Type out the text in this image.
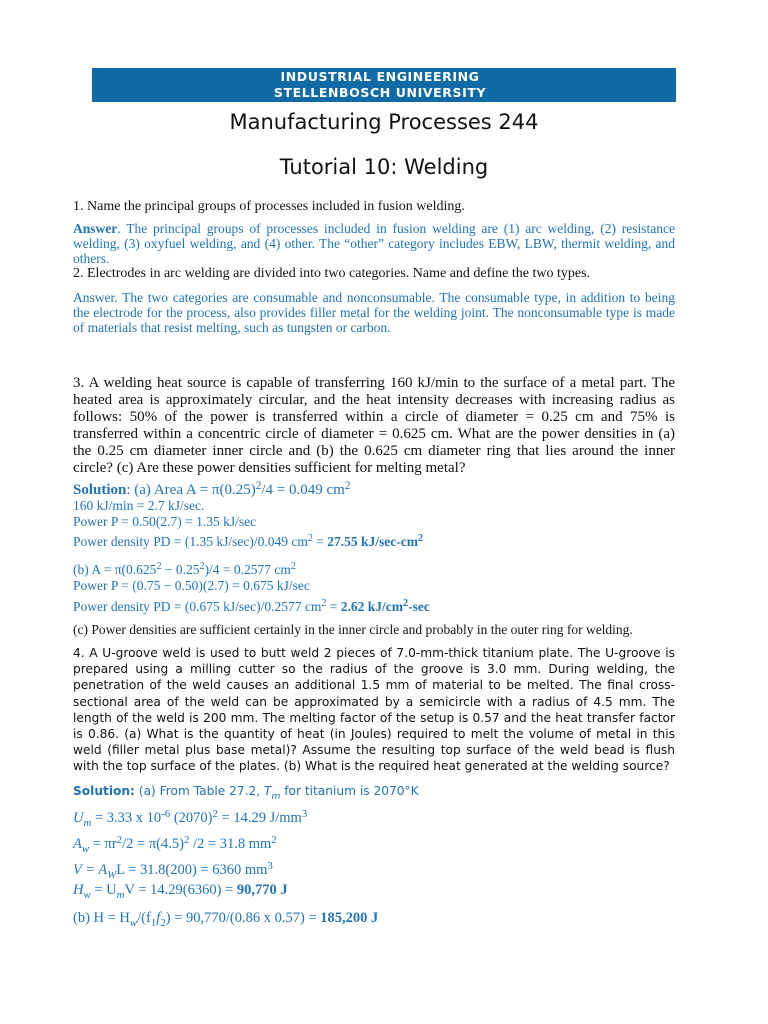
INDUSTRIAL ENGINEERING
STELLENBOSCH UNIVERSITY
Manufacturing Processes 244
Tutorial 10: Welding
1. Name the principal groups of processes included in fusion welding.
Answer. The principal groups of processes included in fusion welding are (1) arc welding, (2) resistance welding, (3) oxyfuel welding, and (4) other. The “other” category includes EBW, LBW, thermit welding, and others.
2. Electrodes in arc welding are divided into two categories. Name and define the two types.
Answer. The two categories are consumable and nonconsumable. The consumable type, in addition to being the electrode for the process, also provides filler metal for the welding joint. The nonconsumable type is made of materials that resist melting, such as tungsten or carbon.
3. A welding heat source is capable of transferring 160 kJ/min to the surface of a metal part. The heated area is approximately circular, and the heat intensity decreases with increasing radius as follows: 50% of the power is transferred within a circle of diameter = 0.25 cm and 75% is transferred within a concentric circle of diameter = 0.625 cm. What are the power densities in (a) the 0.25 cm diameter inner circle and (b) the 0.625 cm diameter ring that lies around the inner circle? (c) Are these power densities sufficient for melting metal?
Solution: (a) Area $A = \pi(0.25)^2/4 = 0.049$ $cm^2$
160 kJ/min = 2.7 kJ/sec.
Power P = 0.50(2.7) = 1.35 kJ/sec
Power density PD = (1.35 kJ/sec)/0.049 $cm^2 = 27.55$ $kJ/\sec-cm^2$
(b) $A = \pi(0.625^2 - 0.25^2)/4 = 0.2577$ $cm^2$
Power P = (0.75 − 0.50)(2.7) = 0.675 kJ/sec
Power density PD = (0.675 kJ/sec)/0.2577 $cm^2 = 2.62$ $kJ/cm^2-\sec$
(c) Power densities are sufficient certainly in the inner circle and probably in the outer ring for welding.
4. A U-groove weld is used to butt weld 2 pieces of 7.0-mm-thick titanium plate. The U-groove is prepared using a milling cutter so the radius of the groove is 3.0 mm. During welding, the penetration of the weld causes an additional 1.5 mm of material to be melted. The final cross-sectional area of the weld can be approximated by a semicircle with a radius of 4.5 mm. The length of the weld is 200 mm. The melting factor of the setup is 0.57 and the heat transfer factor is 0.86. (a) What is the quantity of heat (in Joules) required to melt the volume of metal in this weld (filler metal plus base metal)? Assume the resulting top surface of the weld bead is flush with the top surface of the plates. (b) What is the required heat generated at the welding source?
Solution: (a) From Table 27.2, $T_m$ for titanium is 2070°K
$U_m = 3.33$ x $10^{-6}$ $(2070)^2 = 14.29$ $J/mm^3$
$A_w = \pi r^2/2 = \pi(4.5)^2$ /2 = 31.8 $mm^2$
$V = A_WL = 31.8(200) = 6360$ $mm^3$
$H_w = U_mV = 14.29(6360) = 90,770$ J
(b) $H = H_w/(f_1f_2) = 90,770/(0.86$ x 0.57) = 185,200 J
